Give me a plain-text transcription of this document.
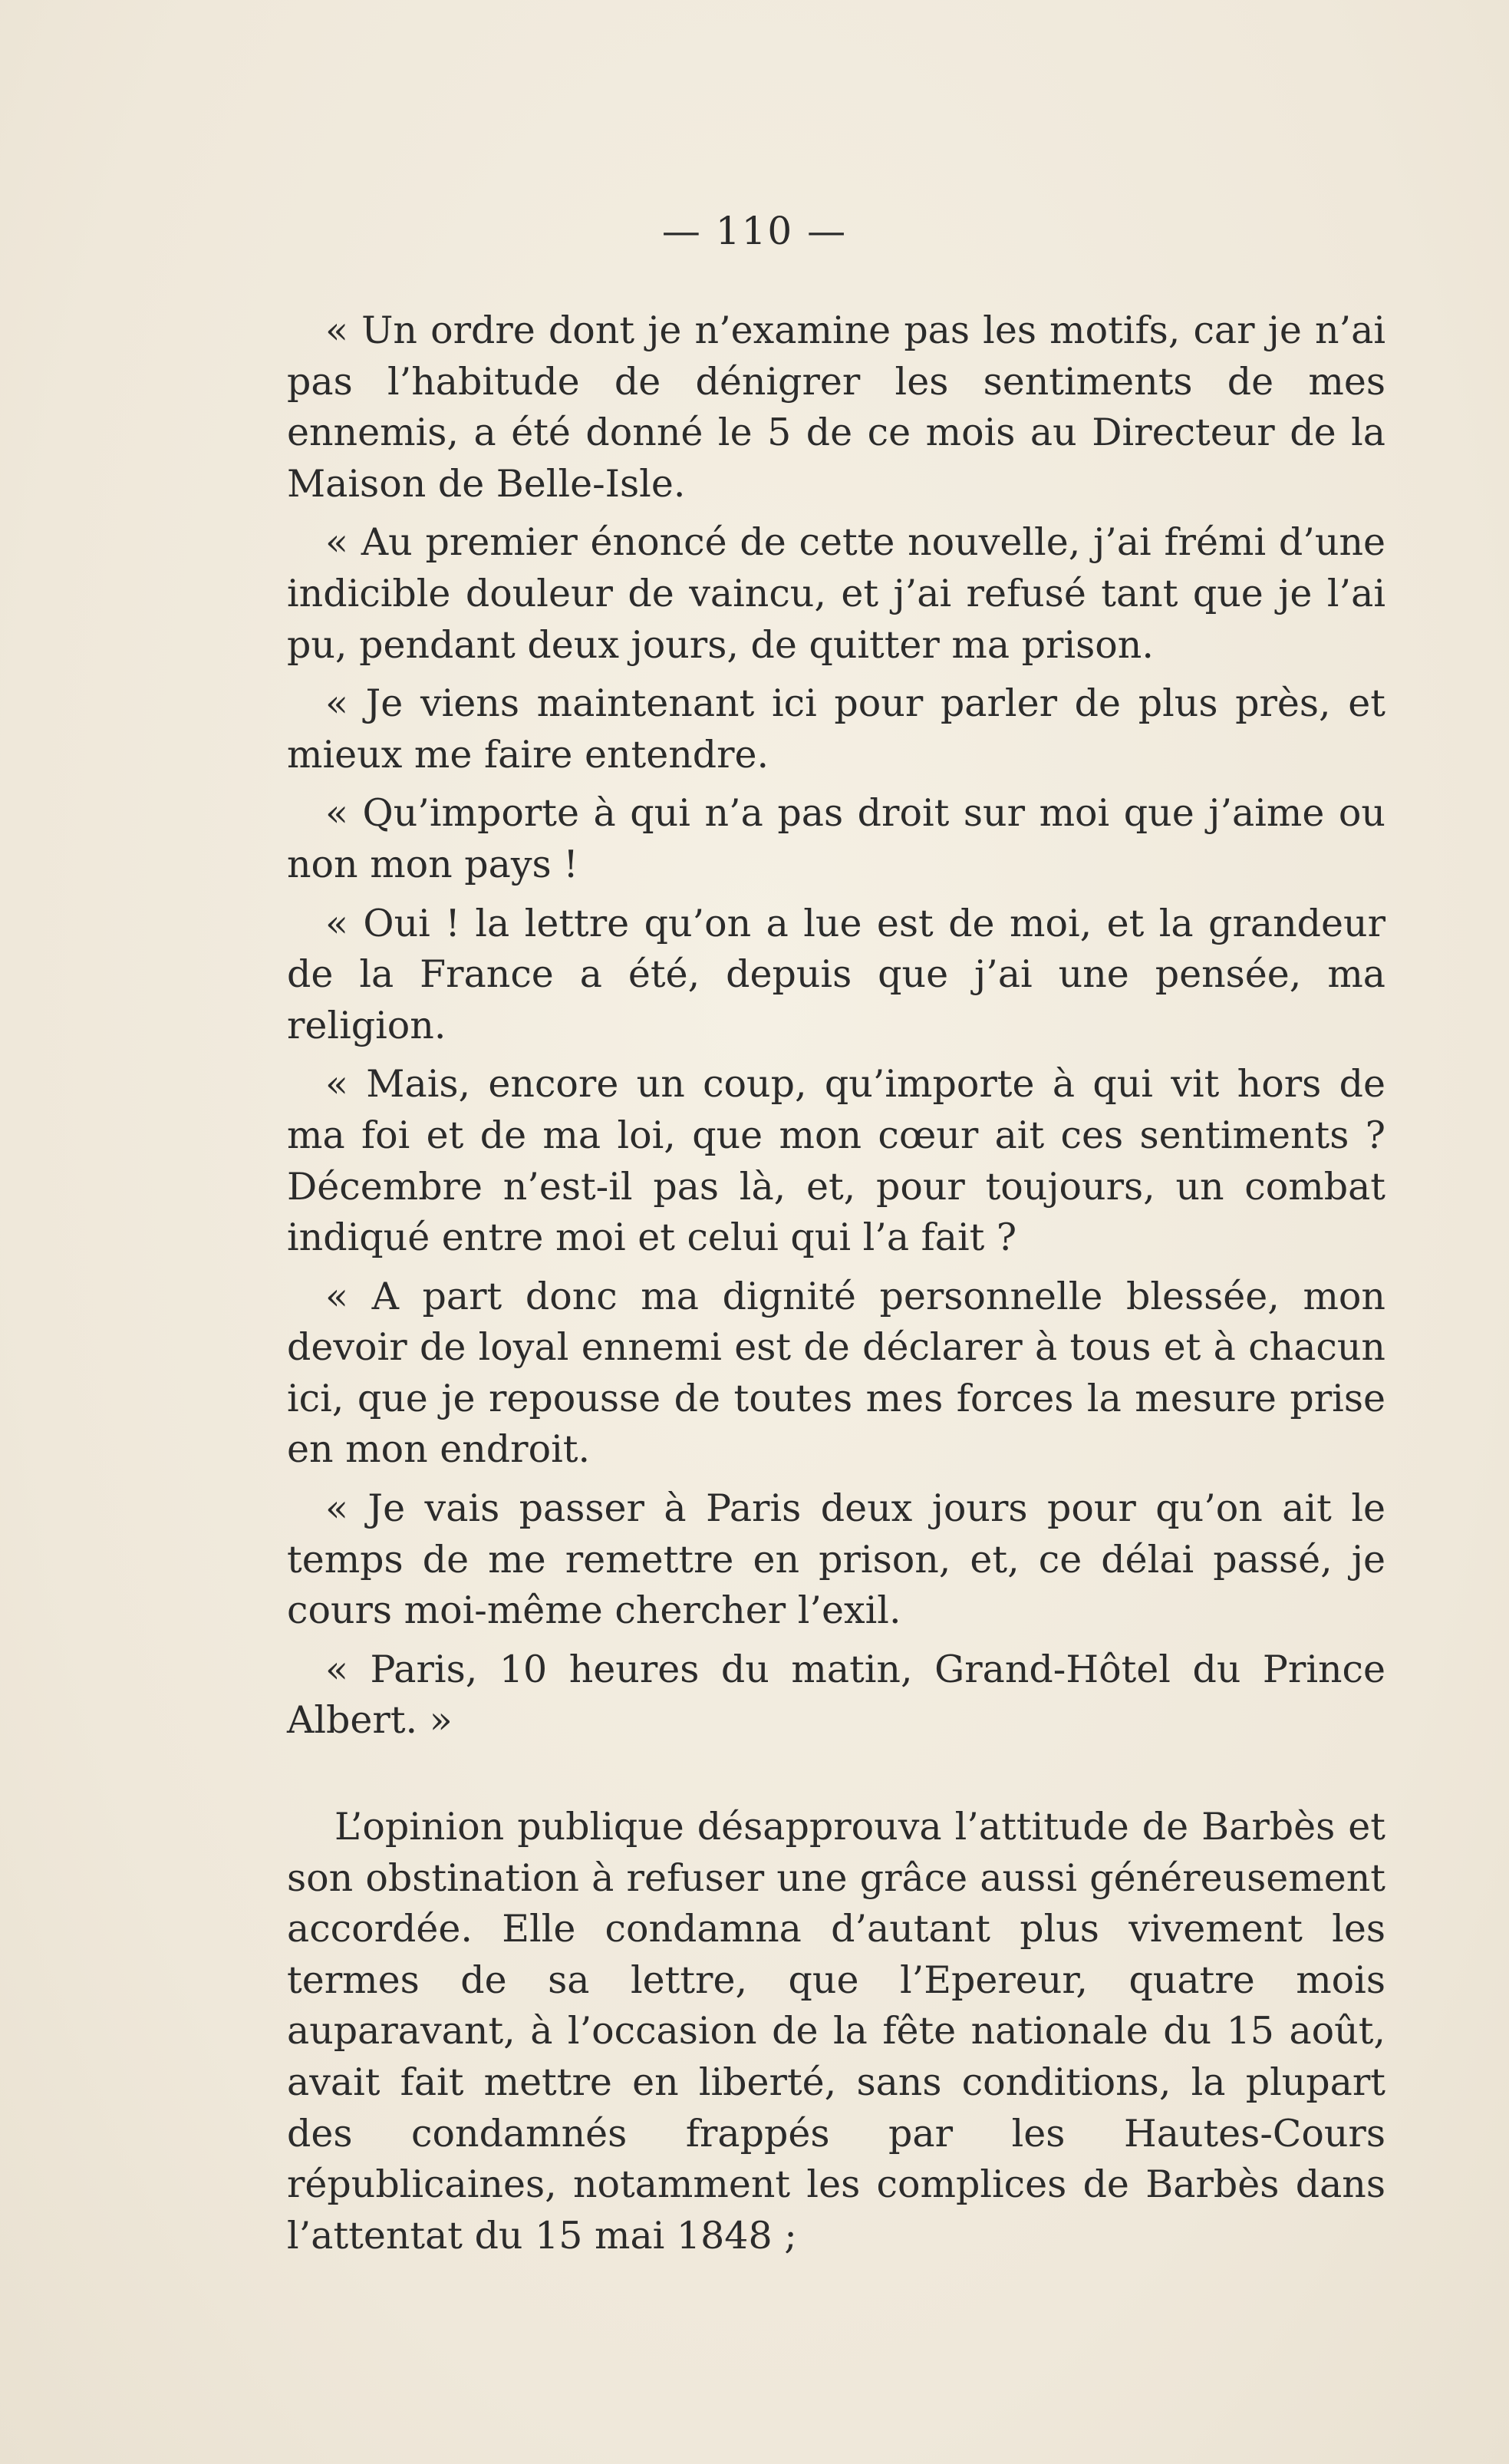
— 110 —

« Un ordre dont je n’examine pas les motifs, car je n’ai pas l’habitude de dénigrer les sentiments de mes ennemis, a été donné le 5 de ce mois au Directeur de la Maison de Belle-Isle.

« Au premier énoncé de cette nouvelle, j’ai frémi d’une indicible douleur de vaincu, et j’ai refusé tant que je l’ai pu, pendant deux jours, de quitter ma prison.

« Je viens maintenant ici pour parler de plus près, et mieux me faire entendre.

« Qu’importe à qui n’a pas droit sur moi que j’aime ou non mon pays !

« Oui ! la lettre qu’on a lue est de moi, et la grandeur de la France a été, depuis que j’ai une pensée, ma religion.

« Mais, encore un coup, qu’importe à qui vit hors de ma foi et de ma loi, que mon cœur ait ces sentiments ? Décembre n’est-il pas là, et, pour toujours, un combat indiqué entre moi et celui qui l’a fait ?

« A part donc ma dignité personnelle blessée, mon devoir de loyal ennemi est de déclarer à tous et à chacun ici, que je repousse de toutes mes forces la mesure prise en mon endroit.

« Je vais passer à Paris deux jours pour qu’on ait le temps de me remettre en prison, et, ce délai passé, je cours moi-même chercher l’exil.

« Paris, 10 heures du matin, Grand-Hôtel du Prince Albert. »

L’opinion publique désapprouva l’attitude de Barbès et son obstination à refuser une grâce aussi généreusement accordée. Elle condamna d’autant plus vivement les termes de sa lettre, que l’Epereur, quatre mois auparavant, à l’occasion de la fête nationale du 15 août, avait fait mettre en liberté, sans conditions, la plupart des condamnés frappés par les Hautes-Cours républicaines, notamment les complices de Barbès dans l’attentat du 15 mai 1848 ;
